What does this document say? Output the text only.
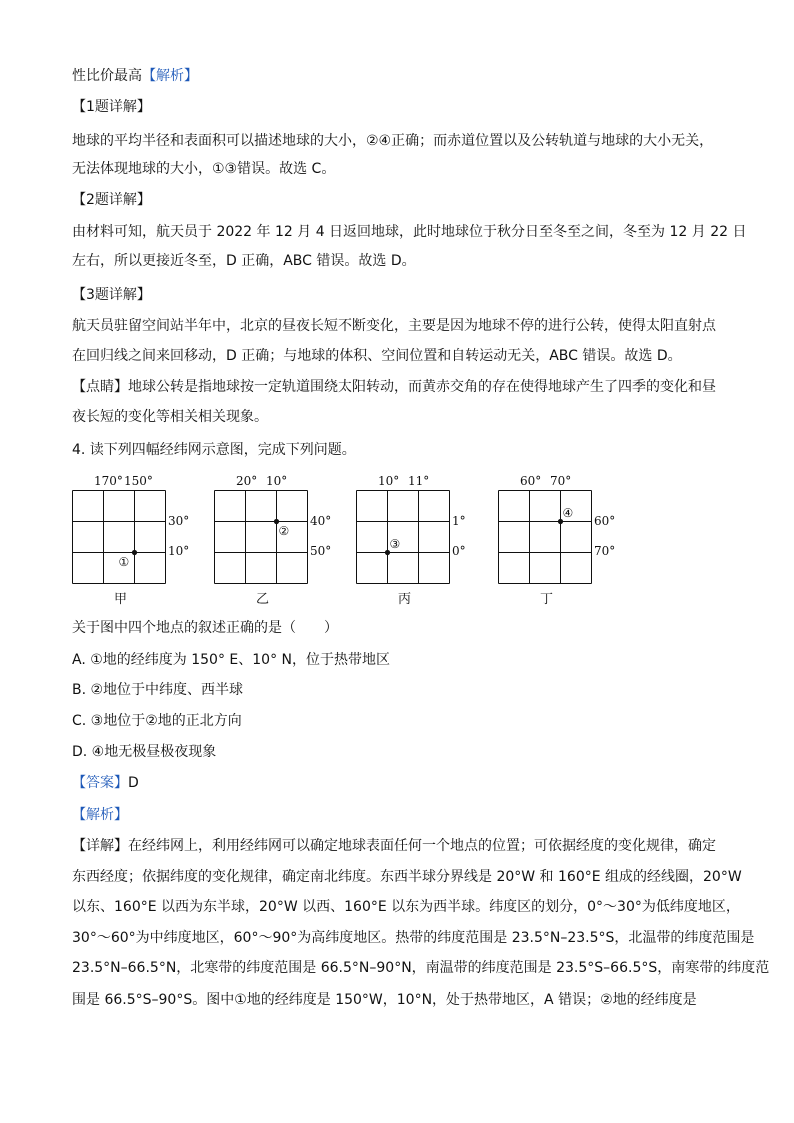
性比价最高【解析】
【1题详解】
地球的平均半径和表面积可以描述地球的大小，②④正确；而赤道位置以及公转轨道与地球的大小无关，
无法体现地球的大小，①③错误。故选 C。
【2题详解】
由材料可知，航天员于 2022 年 12 月 4 日返回地球，此时地球位于秋分日至冬至之间，冬至为 12 月 22 日
左右，所以更接近冬至，D 正确，ABC 错误。故选 D。
【3题详解】
航天员驻留空间站半年中，北京的昼夜长短不断变化，主要是因为地球不停的进行公转，使得太阳直射点
在回归线之间来回移动，D 正确；与地球的体积、空间位置和自转运动无关，ABC 错误。故选 D。
【点睛】地球公转是指地球按一定轨道围绕太阳转动，而黄赤交角的存在使得地球产生了四季的变化和昼
夜长短的变化等相关相关现象。
4. 读下列四幅经纬网示意图，完成下列问题。
170° 150°
30°
10°
①
甲
20° 10°
40°
50°
②
乙
10° 11°
1°
0°
③
丙
60° 70°
60°
70°
④
丁
关于图中四个地点的叙述正确的是（　　）
A. ①地的经纬度为 150° E、10° N，位于热带地区
B. ②地位于中纬度、西半球
C. ③地位于②地的正北方向
D. ④地无极昼极夜现象
【答案】D
【解析】
【详解】在经纬网上，利用经纬网可以确定地球表面任何一个地点的位置；可依据经度的变化规律，确定
东西经度；依据纬度的变化规律，确定南北纬度。东西半球分界线是 20°W 和 160°E 组成的经线圈，20°W
以东、160°E 以西为东半球，20°W 以西、160°E 以东为西半球。纬度区的划分，0°～30°为低纬度地区，
30°～60°为中纬度地区，60°～90°为高纬度地区。热带的纬度范围是 23.5°N–23.5°S，北温带的纬度范围是
23.5°N–66.5°N，北寒带的纬度范围是 66.5°N–90°N，南温带的纬度范围是 23.5°S–66.5°S，南寒带的纬度范
围是 66.5°S–90°S。图中①地的经纬度是 150°W，10°N，处于热带地区，A 错误；②地的经纬度是
